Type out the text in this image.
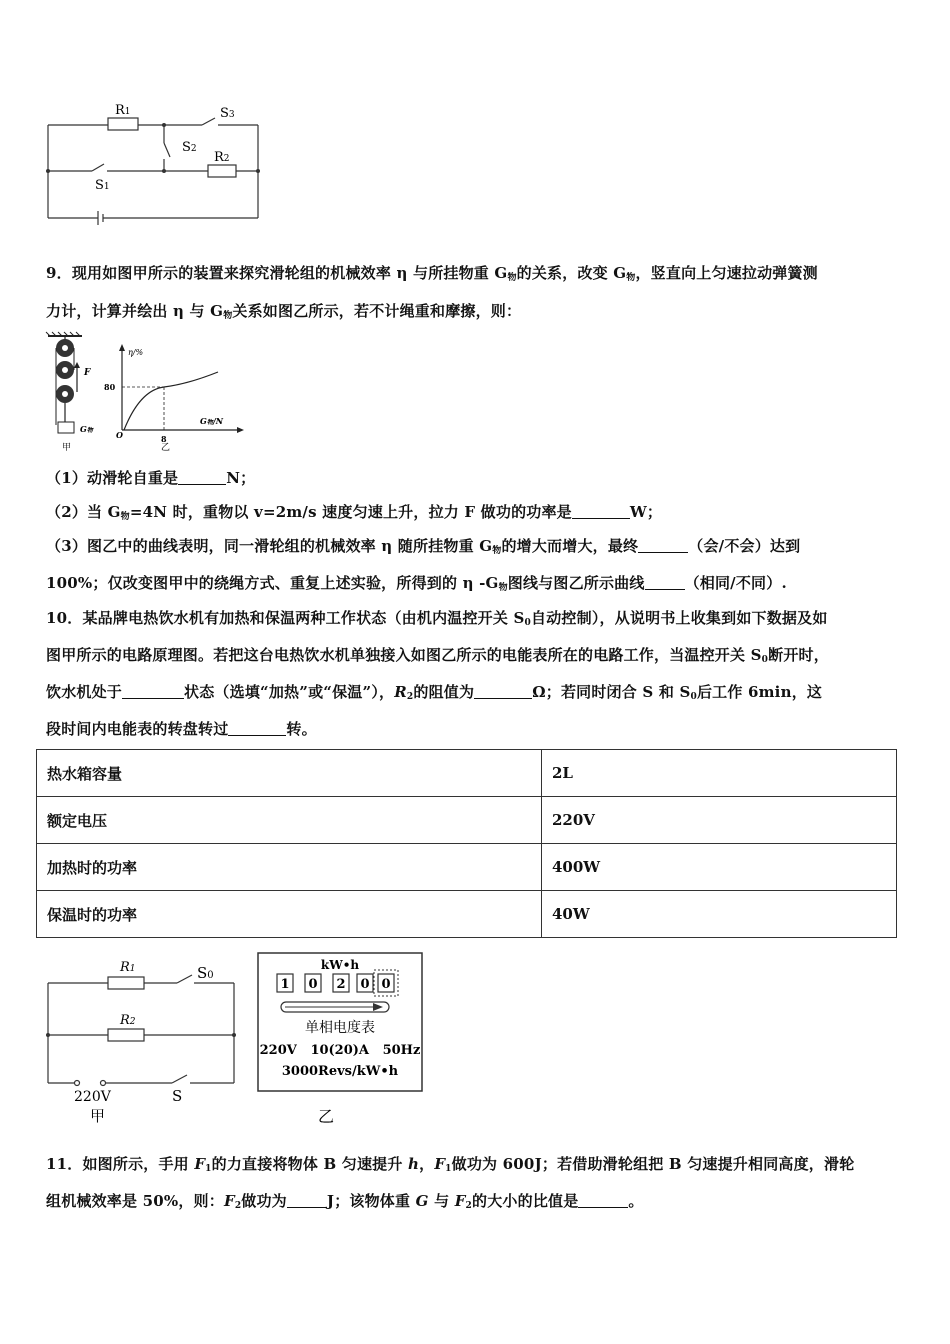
R1	S3
S2
R2
S1
9．现用如图甲所示的装置来探究滑轮组的机械效率 η 与所挂物重 $G_物$的关系，改变 $G_物$，竖直向上匀速拉动弹簧测
力计，计算并绘出 η 与 $G_物$关系如图乙所示，若不计绳重和摩擦，则：
F
G物
甲
η/%
G物/N
80
8
O
乙
（1）动滑轮自重是	N；
（2）当 $G_物=4N$ 时，重物以 v=2m/s 速度匀速上升，拉力 F 做功的功率是	W；
（3）图乙中的曲线表明，同一滑轮组的机械效率 η 随所挂物重 $G_物$的增大而增大，最终	（会/不会）达到
100%；仅改变图甲中的绕绳方式、重复上述实验，所得到的 η $-G_物$图线与图乙所示曲线	（相同/不同）.
10．某品牌电热饮水机有加热和保温两种工作状态（由机内温控开关 $S_0$自动控制），从说明书上收集到如下数据及如
图甲所示的电路原理图。若把这台电热饮水机单独接入如图乙所示的电能表所在的电路工作，当温控开关 $S_0$断开时，
饮水机处于	状态（选填“加热”或“保温”），$R_2$的阻值为	Ω；若同时闭合 S 和 $S_0$后工作 6min，这
段时间内电能表的转盘转过	转。
热水箱容量	2L
额定电压	220V
加热时的功率	400W
保温时的功率	40W
R1	S0
R2
S
220V
甲
kW•h
1 0 2 0 0
单相电度表
220V   10(20)A   50Hz
3000Revs/kW•h
乙
11．如图所示，手用 $F_1$的力直接将物体 B 匀速提升 h，$F_1$做功为 600J；若借助滑轮组把 B 匀速提升相同高度，滑轮
组机械效率是 50%，则：$F_2$做功为	J；该物体重 G 与 $F_2$的大小的比值是	。
